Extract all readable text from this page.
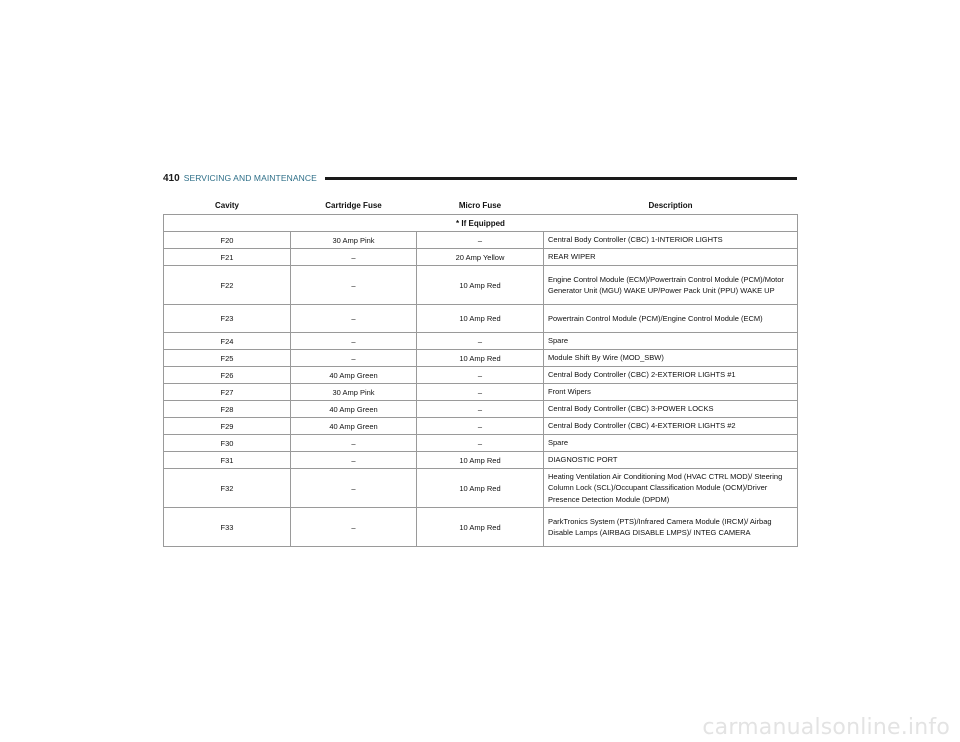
410 SERVICING AND MAINTENANCE
Cavity	Cartridge Fuse	Micro Fuse	Description
* If Equipped			
F20	30 Amp Pink	–	Central Body Controller (CBC) 1-INTERIOR LIGHTS
F21	–	20 Amp Yellow	REAR WIPER
F22	–	10 Amp Red	Engine Control Module (ECM)/Powertrain Control Module (PCM)/Motor Generator Unit (MGU) WAKE UP/Power Pack Unit (PPU) WAKE UP
F23	–	10 Amp Red	Powertrain Control Module (PCM)/Engine Control Module (ECM)
F24	–	–	Spare
F25	–	10 Amp Red	Module Shift By Wire (MOD_SBW)
F26	40 Amp Green	–	Central Body Controller (CBC) 2-EXTERIOR LIGHTS #1
F27	30 Amp Pink	–	Front Wipers
F28	40 Amp Green	–	Central Body Controller (CBC) 3-POWER LOCKS
F29	40 Amp Green	–	Central Body Controller (CBC) 4-EXTERIOR LIGHTS #2
F30	–	–	Spare
F31	–	10 Amp Red	DIAGNOSTIC PORT
F32	–	10 Amp Red	Heating Ventilation Air Conditioning Mod (HVAC CTRL MOD)/ Steering Column Lock (SCL)/Occupant Classification Module (OCM)/Driver Presence Detection Module (DPDM)
F33	–	10 Amp Red	ParkTronics System (PTS)/Infrared Camera Module (IRCM)/ Airbag Disable Lamps (AIRBAG DISABLE LMPS)/ INTEG CAMERA
carmanualsonline.info
